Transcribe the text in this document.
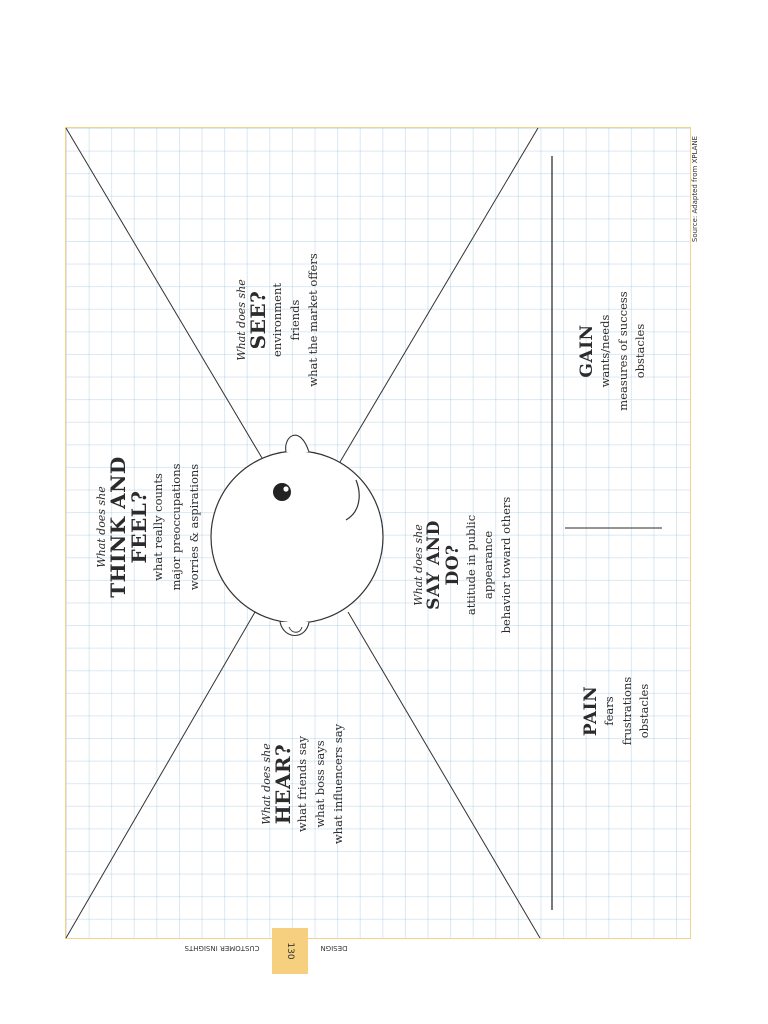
What does she
HEAR? what friends say what boss says what influencers say
What does she
THINK AND
FEEL? what really counts major preoccupations worries & aspirations
What does she
SEE? environment friends what the market offers
What does she SAY AND
DO? attitude in public appearance behavior toward others
PAIN fears frustrations obstacles
GAIN wants/needs measures of success obstacles
Source: Adapted from XPLANE
130
CUSTOMER INSIGHTS	DESIGN
